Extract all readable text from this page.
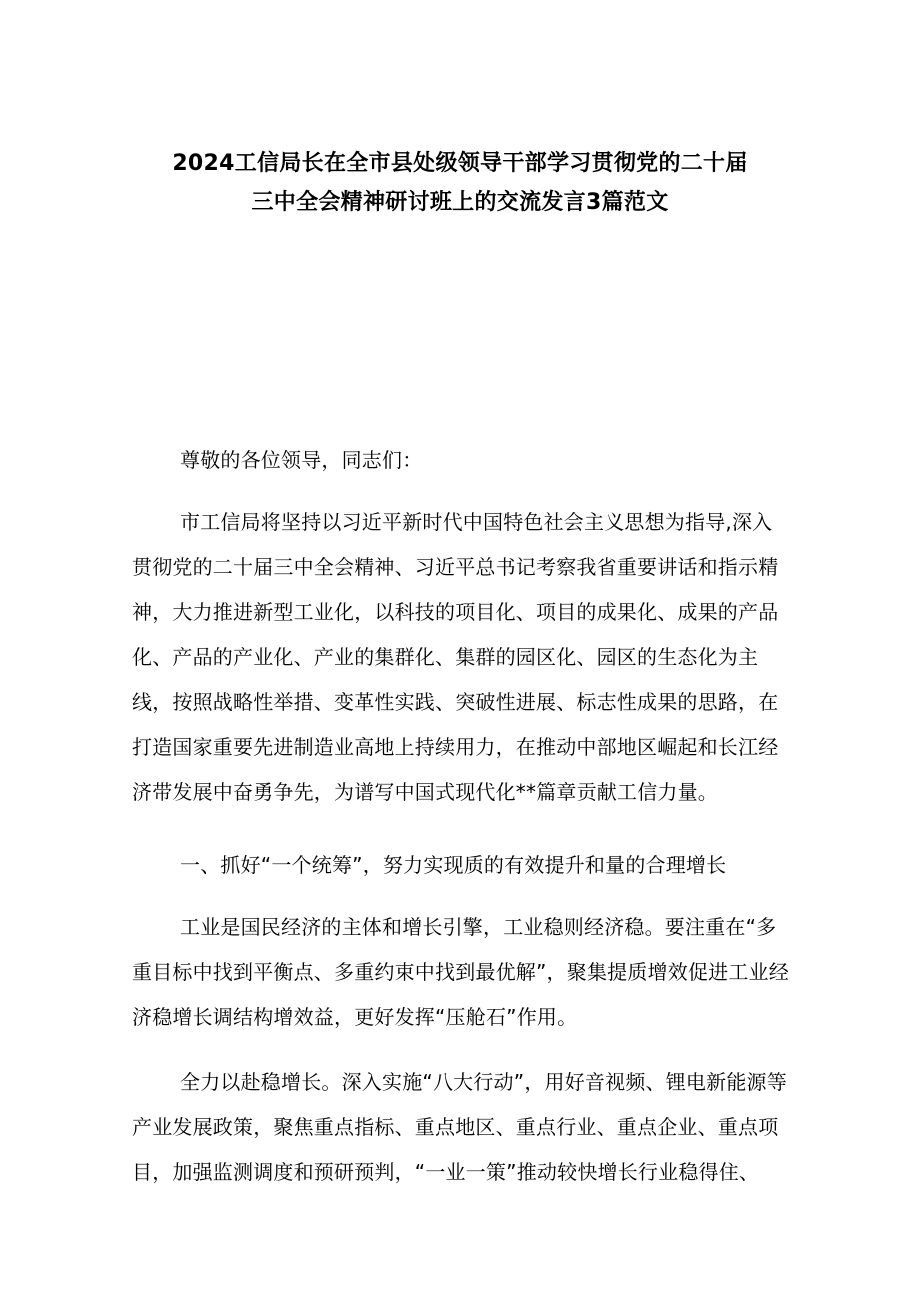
2024工信局长在全市县处级领导干部学习贯彻党的二十届
三中全会精神研讨班上的交流发言3篇范文

尊敬的各位领导，同志们：

市工信局将坚持以习近平新时代中国特色社会主义思想为指导,深入贯彻党的二十届三中全会精神、习近平总书记考察我省重要讲话和指示精神，大力推进新型工业化，以科技的项目化、项目的成果化、成果的产品化、产品的产业化、产业的集群化、集群的园区化、园区的生态化为主线，按照战略性举措、变革性实践、突破性进展、标志性成果的思路，在打造国家重要先进制造业高地上持续用力，在推动中部地区崛起和长江经济带发展中奋勇争先，为谱写中国式现代化**篇章贡献工信力量。

一、抓好“一个统筹”，努力实现质的有效提升和量的合理增长

工业是国民经济的主体和增长引擎，工业稳则经济稳。要注重在“多重目标中找到平衡点、多重约束中找到最优解”，聚集提质增效促进工业经济稳增长调结构增效益，更好发挥“压舱石”作用。

全力以赴稳增长。深入实施“八大行动”，用好音视频、锂电新能源等产业发展政策，聚焦重点指标、重点地区、重点行业、重点企业、重点项目，加强监测调度和预研预判，“一业一策”推动较快增长行业稳得住、
